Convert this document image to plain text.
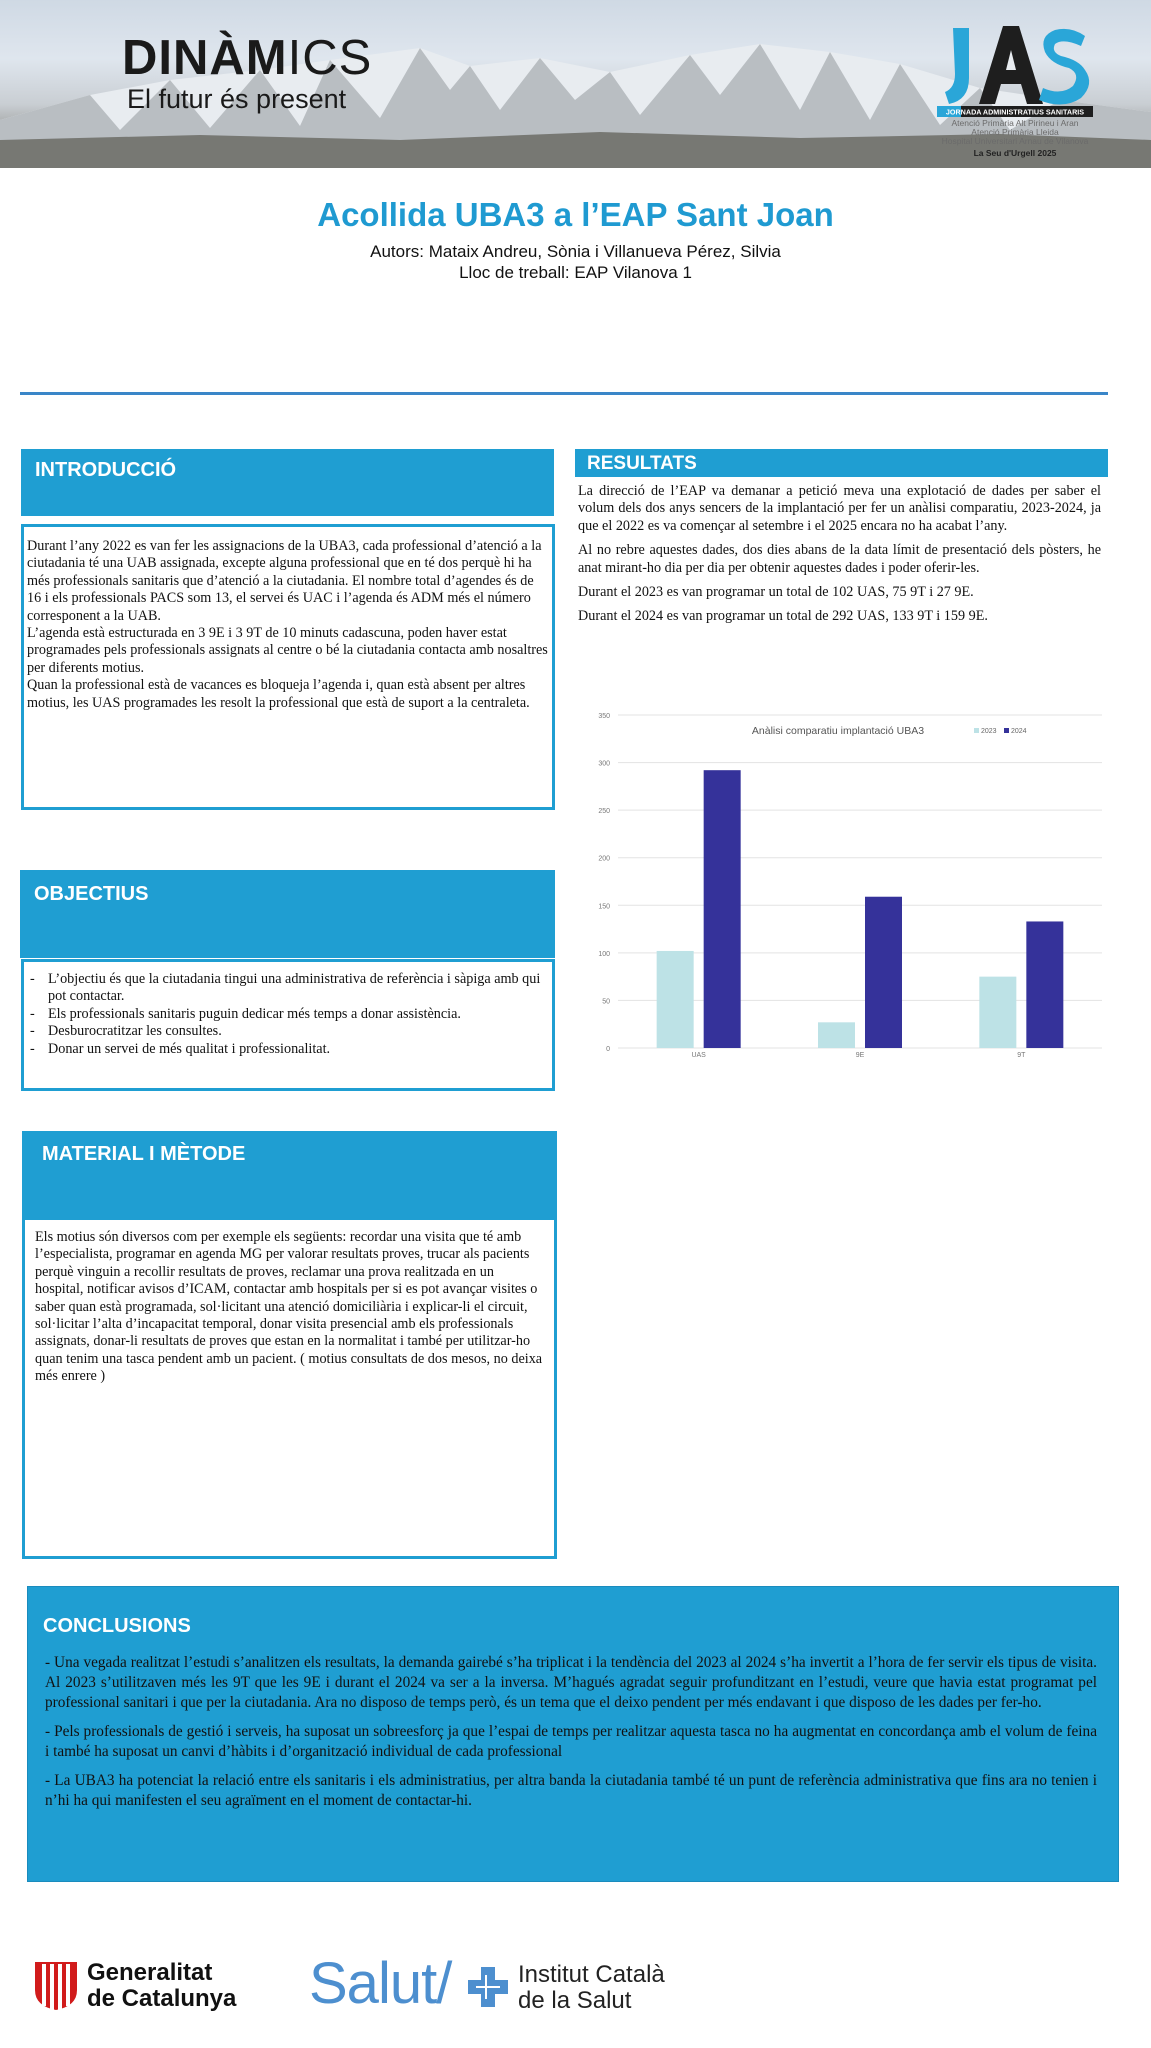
DINÀMICS
El futur és present	JORNADA ADMINISTRATIUS SANITARIS
Atenció Primària Alt Pirineu i Aran
Atenció Primària Lleida
Hospital Universitari Arnau de Vilanova
La Seu d'Urgell 2025
Acollida UBA3 a l’EAP Sant Joan
Autors: Mataix Andreu, Sònia i Villanueva Pérez, Silvia
Lloc de treball: EAP Vilanova 1
INTRODUCCIÓ

Durant l’any 2022 es van fer les assignacions de la UBA3, cada professional d’atenció a la ciutadania té una UAB assignada, excepte alguna professional que en té dos perquè hi ha més professionals sanitaris que d’atenció a la ciutadania. El nombre total d’agendes és de 16 i els professionals PACS som 13, el servei és UAC i l’agenda és ADM més el número corresponent a la UAB.
L’agenda està estructurada en 3 9E i 3 9T de 10 minuts cadascuna, poden haver estat programades pels professionals assignats al centre o bé la ciutadania contacta amb nosaltres per diferents motius.
Quan la professional està de vacances es bloqueja l’agenda i, quan està absent per altres motius, les UAS programades les resolt la professional que està de suport a la centraleta.

OBJECTIUS
- L’objectiu és que la ciutadania tingui una administrativa de referència i sàpiga amb qui pot contactar.
- Els professionals sanitaris puguin dedicar més temps a donar assistència.
- Desburocratitzar les consultes.
- Donar un servei de més qualitat i professionalitat.
MATERIAL I MÈTODE

Els motius són diversos com per exemple els següents: recordar una visita que té amb l’especialista, programar en agenda MG per valorar resultats proves, trucar als pacients perquè vinguin a recollir resultats de proves, reclamar una prova realitzada en un hospital, notificar avisos d’ICAM, contactar amb hospitals per si es pot avançar visites o saber quan està programada, sol·licitant una atenció domiciliària i explicar-li el circuit, sol·licitar l’alta d’incapacitat temporal, donar visita presencial amb els professionals assignats, donar-li resultats de proves que estan en la normalitat i també per utilitzar-ho quan tenim una tasca pendent amb un pacient. ( motius consultats de dos mesos, no deixa més enrere )

RESULTATS

La direcció de l’EAP va demanar a petició meva una explotació de dades per saber el volum dels dos anys sencers de la implantació per fer un anàlisi comparatiu, 2023-2024, ja que el 2022 es va començar al setembre i el 2025 encara no ha acabat l’any.

Al no rebre aquestes dades, dos dies abans de la data límit de presentació dels pòsters, he anat mirant-ho dia per dia per obtenir aquestes dades i poder oferir-les.

Durant el 2023 es van programar un total de 102 UAS, 75 9T i 27 9E.

Durant el 2024 es van programar un total de 292 UAS, 133 9T i 159 9E.

0
50
100
150
200
250
300
350
UAS	9E	9T
Anàlisi comparatiu implantació UBA3	2023 2024
CONCLUSIONS

- Una vegada realitzat l’estudi s’analitzen els resultats, la demanda gairebé s’ha triplicat i la tendència del 2023 al 2024 s’ha invertit a l’hora de fer servir els tipus de visita. Al 2023 s’utilitzaven més les 9T que les 9E i durant el 2024 va ser a la inversa. M’hagués agradat seguir profunditzant en l’estudi, veure que havia estat programat pel professional sanitari i que per la ciutadania. Ara no disposo de temps però, és un tema que el deixo pendent per més endavant i que disposo de les dades per fer-ho.

- Pels professionals de gestió i serveis, ha suposat un sobreesforç ja que l’espai de temps per realitzar aquesta tasca no ha augmentat en concordança amb el volum de feina i també ha suposat un canvi d’hàbits i d’organització individual de cada professional

- La UBA3 ha potenciat la relació entre els sanitaris i els administratius, per altra banda la ciutadania també té un punt de referència administrativa que fins ara no tenien i n’hi ha qui manifesten el seu agraïment en el moment de contactar-hi.

Generalitat
de Catalunya Salut/	Institut Català
de la Salut
